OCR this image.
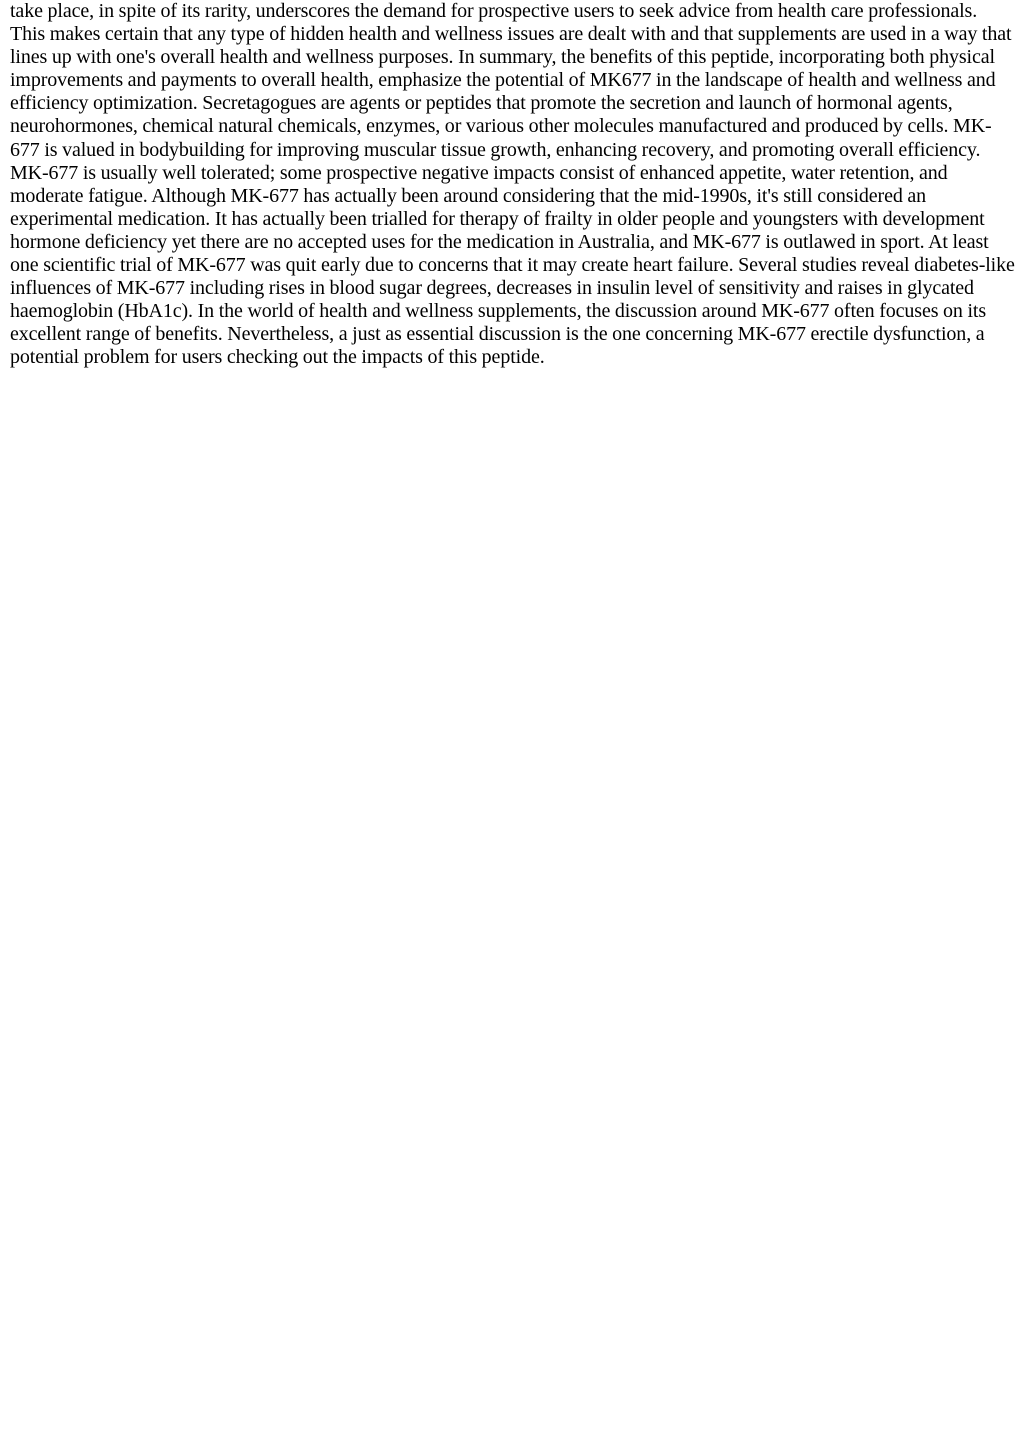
take place, in spite of its rarity, underscores the demand for prospective users to seek advice from health care professionals. This makes certain that any type of hidden health and wellness issues are dealt with and that supplements are used in a way that lines up with one's overall health and wellness purposes. In summary, the benefits of this peptide, incorporating both physical improvements and payments to overall health, emphasize the potential of MK677 in the landscape of health and wellness and efficiency optimization. Secretagogues are agents or peptides that promote the secretion and launch of hormonal agents, neurohormones, chemical natural chemicals, enzymes, or various other molecules manufactured and produced by cells. MK-677 is valued in bodybuilding for improving muscular tissue growth, enhancing recovery, and promoting overall efficiency. MK-677 is usually well tolerated; some prospective negative impacts consist of enhanced appetite, water retention, and moderate fatigue. Although MK-677 has actually been around considering that the mid-1990s, it's still considered an experimental medication. It has actually been trialled for therapy of frailty in older people and youngsters with development hormone deficiency yet there are no accepted uses for the medication in Australia, and MK-677 is outlawed in sport. At least one scientific trial of MK-677 was quit early due to concerns that it may create heart failure. Several studies reveal diabetes-like influences of MK-677 including rises in blood sugar degrees, decreases in insulin level of sensitivity and raises in glycated haemoglobin (HbA1c). In the world of health and wellness supplements, the discussion around MK-677 often focuses on its excellent range of benefits. Nevertheless, a just as essential discussion is the one concerning MK-677 erectile dysfunction, a potential problem for users checking out the impacts of this peptide.
